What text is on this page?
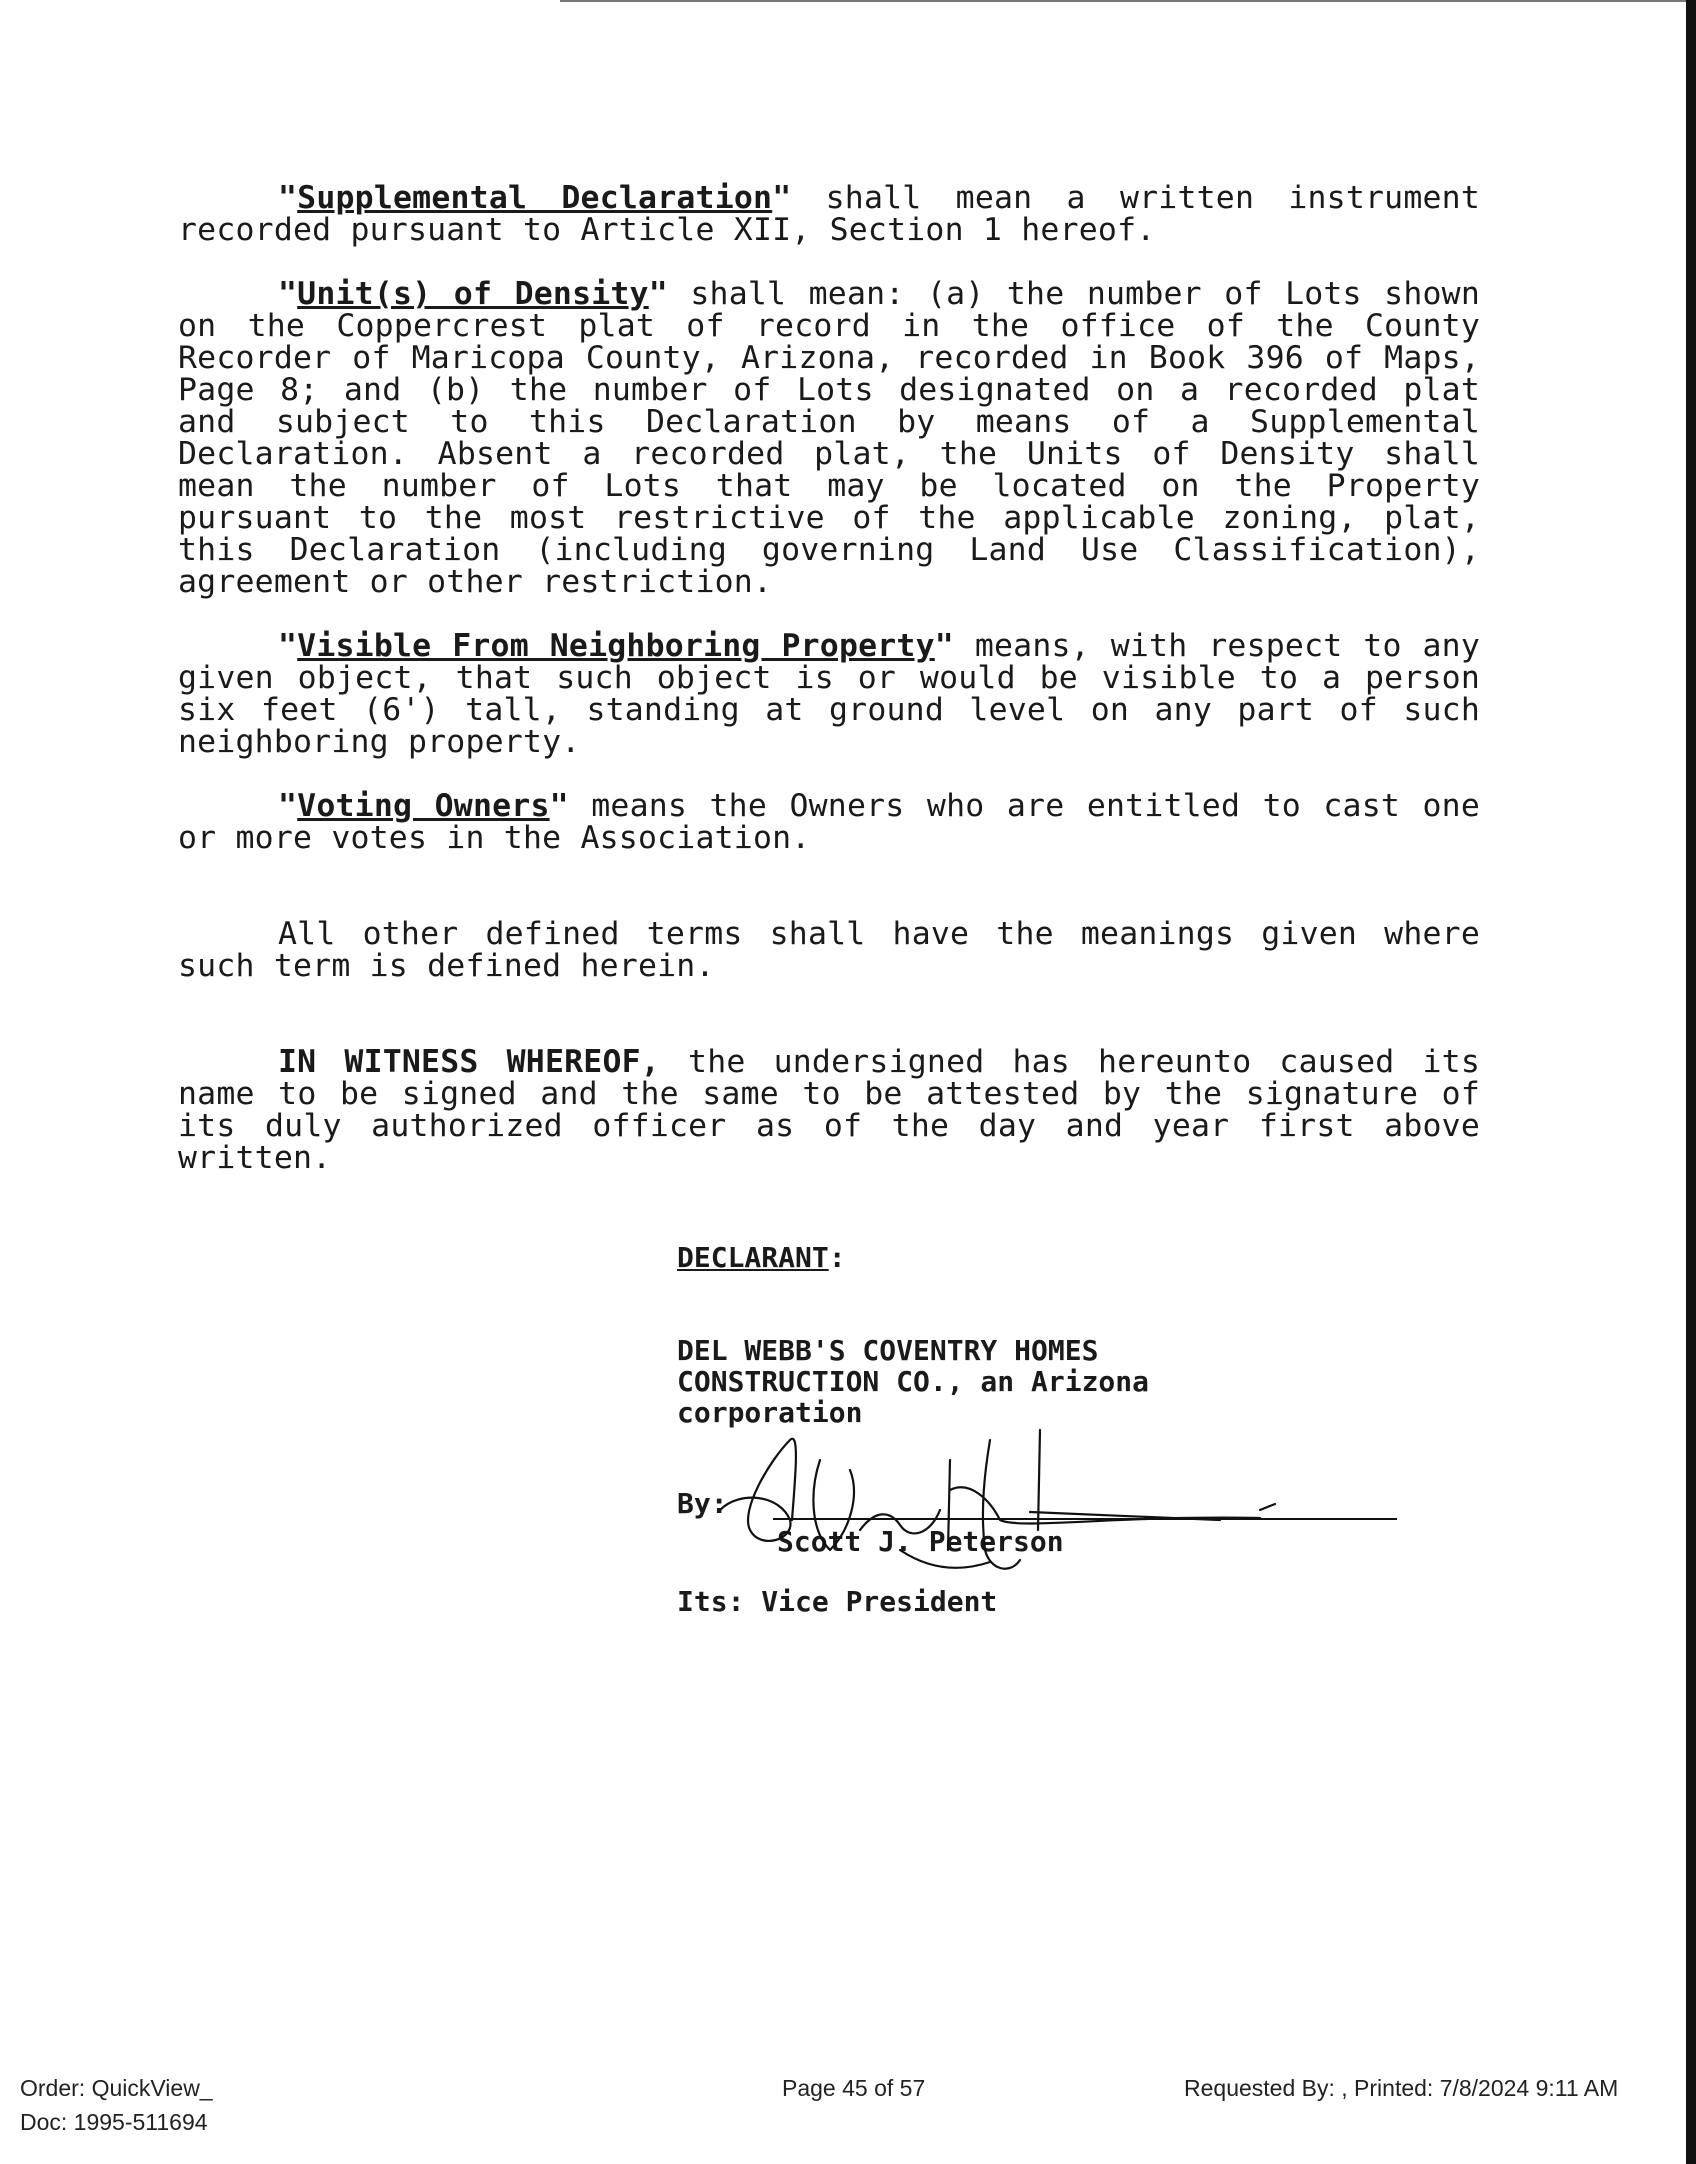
"Supplemental Declaration" shall mean a written instrument recorded pursuant to Article XII, Section 1 hereof.

"Unit(s) of Density" shall mean: (a) the number of Lots shown on the Coppercrest plat of record in the office of the County Recorder of Maricopa County, Arizona, recorded in Book 396 of Maps, Page 8; and (b) the number of Lots designated on a recorded plat and subject to this Declaration by means of a Supplemental Declaration. Absent a recorded plat, the Units of Density shall mean the number of Lots that may be located on the Property pursuant to the most restrictive of the applicable zoning, plat, this Declaration (including governing Land Use Classification), agreement or other restriction.

"Visible From Neighboring Property" means, with respect to any given object, that such object is or would be visible to a person six feet (6') tall, standing at ground level on any part of such neighboring property.

"Voting Owners" means the Owners who are entitled to cast one or more votes in the Association.

All other defined terms shall have the meanings given where such term is defined herein.

IN WITNESS WHEREOF, the undersigned has hereunto caused its name to be signed and the same to be attested by the signature of its duly authorized officer as of the day and year first above written.

DECLARANT:
DEL WEBB'S COVENTRY HOMES
CONSTRUCTION CO., an Arizona
corporation
By:
Scott J. Peterson
Its: Vice President
Order: QuickView_
Doc: 1995-511694
Page 45 of 57	Requested By: , Printed: 7/8/2024 9:11 AM
